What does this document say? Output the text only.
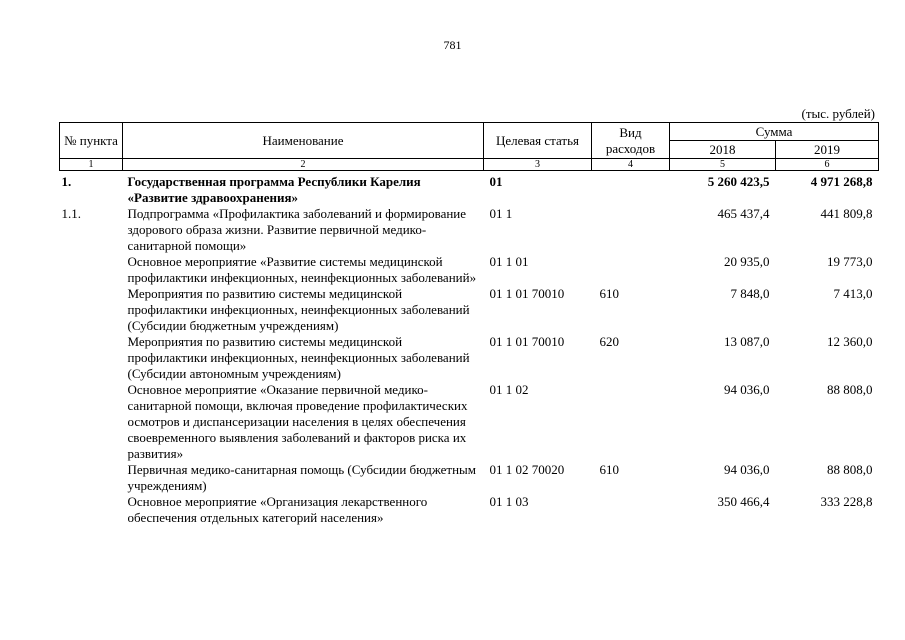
781
(тыс. рублей)
№ пункта	Наименование	Целевая статья	Вид расходов	Сумма	
				2018	2019
1	2	3	4	5	6
1.	Государственная программа Республики Карелия «Развитие здравоохранения»	01		5 260 423,5	4 971 268,8
1.1.	Подпрограмма «Профилактика заболеваний и формирование здорового образа жизни. Развитие первичной медико-санитарной помощи»	01 1		465 437,4	441 809,8
	Основное мероприятие «Развитие системы медицинской профилактики инфекционных, неинфекционных заболеваний»	01 1 01		20 935,0	19 773,0
	Мероприятия по развитию системы медицинской профилактики инфекционных, неинфекционных заболеваний (Субсидии бюджетным учреждениям)	01 1 01 70010	610	7 848,0	7 413,0
	Мероприятия по развитию системы медицинской профилактики инфекционных, неинфекционных заболеваний (Субсидии автономным учреждениям)	01 1 01 70010	620	13 087,0	12 360,0
	Основное мероприятие «Оказание первичной медико-санитарной помощи, включая проведение профилактических осмотров и диспансеризации населения в целях обеспечения своевременного выявления заболеваний и факторов риска их развития»	01 1 02		94 036,0	88 808,0
	Первичная медико-санитарная помощь (Субсидии бюджетным учреждениям)	01 1 02 70020	610	94 036,0	88 808,0
	Основное мероприятие «Организация лекарственного обеспечения отдельных категорий населения»	01 1 03		350 466,4	333 228,8
